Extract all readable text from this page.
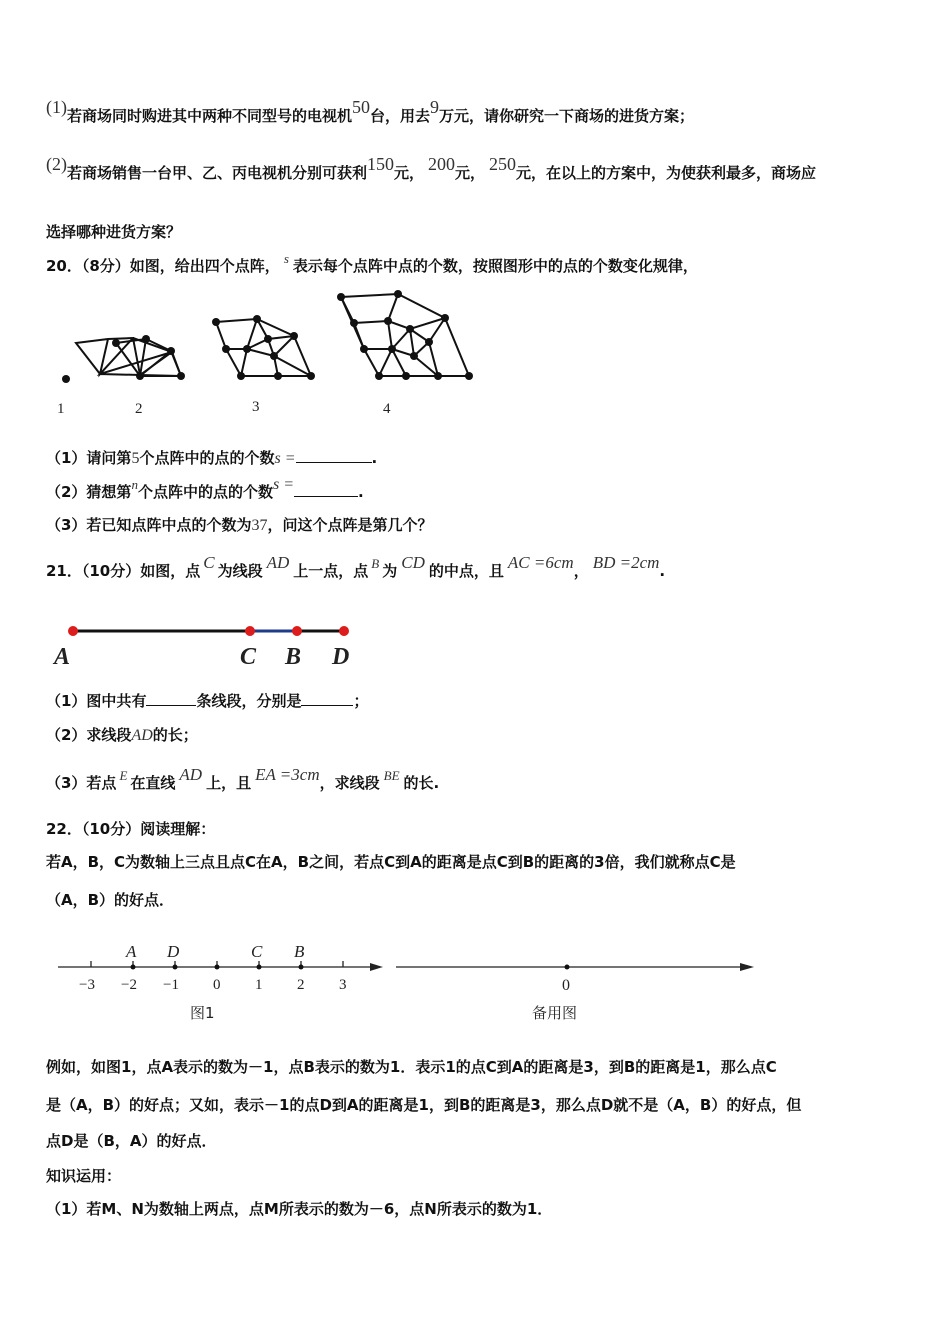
(1)若商场同时购进其中两种不同型号的电视机50台，用去9万元，请你研究一下商场的进货方案；
(2)若商场销售一台甲、乙、丙电视机分别可获利150元， 200元， 250元，在以上的方案中，为使获利最多，商场应
选择哪种进货方案？
20．（8分）如图，给出四个点阵， s 表示每个点阵中点的个数，按照图形中的点的个数变化规律，
1	2	3	4
（1）请问第5个点阵中的点的个数s =	.
（2）猜想第n个点阵中的点的个数s =	.
（3）若已知点阵中点的个数为37，问这个点阵是第几个？
21．（10分）如图，点 C 为线段 AD 上一点，点 B 为 CD 的中点，且 AC =6cm， BD =2cm.
A	C B D
（1）图中共有	条线段，分别是	；
（2）求线段AD的长；
（3）若点 E 在直线 AD 上，且 EA =3cm，求线段 BE 的长.
22．（10分）阅读理解：
若A，B，C为数轴上三点且点C在A，B之间，若点C到A的距离是点C到B的距离的3倍，我们就称点C是
（A，B）的好点．
A D	C B
−3 −2 −1 0 1 2 3
图1
0
备用图
例如，如图1，点A表示的数为－1，点B表示的数为1．表示1的点C到A的距离是3，到B的距离是1，那么点C
是（A，B）的好点；又如，表示－1的点D到A的距离是1，到B的距离是3，那么点D就不是（A，B）的好点，但
点D是（B，A）的好点．
知识运用：
（1）若M、N为数轴上两点，点M所表示的数为－6，点N所表示的数为1．
